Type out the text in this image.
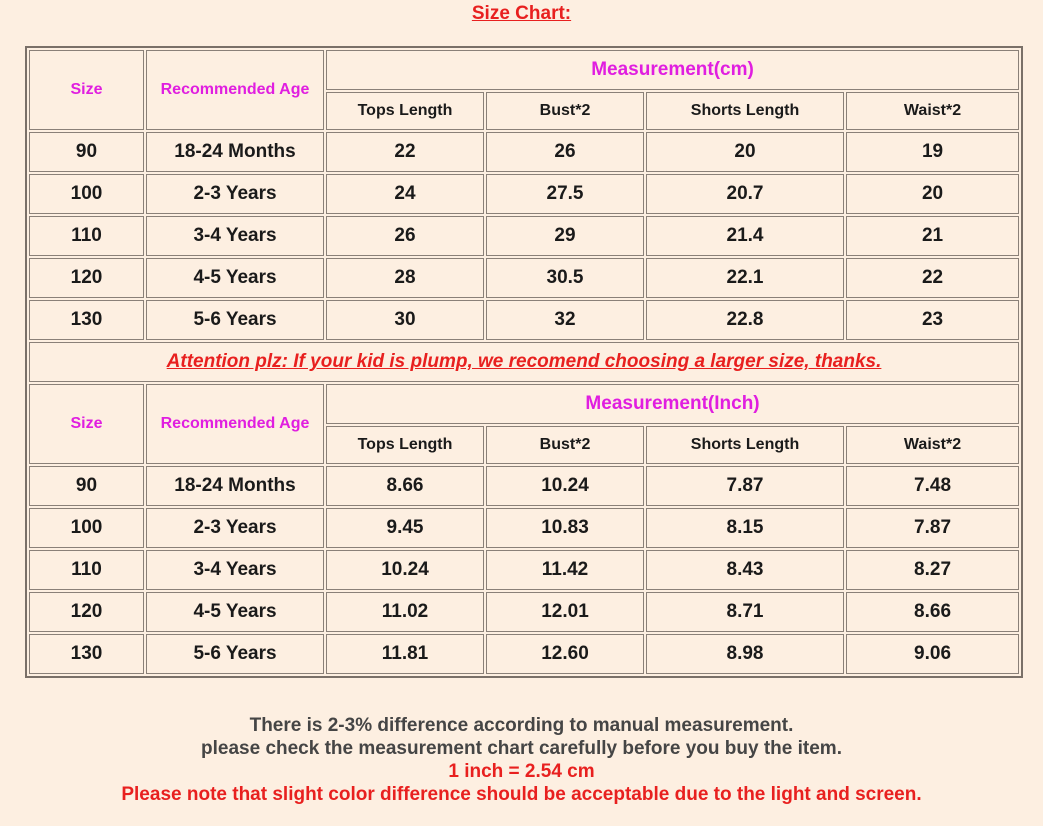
Size Chart:
Size	Recommended Age	Measurement(cm)			
		Tops Length	Bust*2	Shorts Length	Waist*2
90	18-24 Months	22	26	20	19
100	2-3 Years	24	27.5	20.7	20
110	3-4 Years	26	29	21.4	21
120	4-5 Years	28	30.5	22.1	22
130	5-6 Years	30	32	22.8	23
Attention plz: If your kid is plump, we recomend choosing a larger size, thanks.					
Size	Recommended Age	Measurement(Inch)			
		Tops Length	Bust*2	Shorts Length	Waist*2
90	18-24 Months	8.66	10.24	7.87	7.48
100	2-3 Years	9.45	10.83	8.15	7.87
110	3-4 Years	10.24	11.42	8.43	8.27
120	4-5 Years	11.02	12.01	8.71	8.66
130	5-6 Years	11.81	12.60	8.98	9.06
There is 2-3% difference according to manual measurement.
please check the measurement chart carefully before you buy the item.
1 inch = 2.54 cm
Please note that slight color difference should be acceptable due to the light and screen.
